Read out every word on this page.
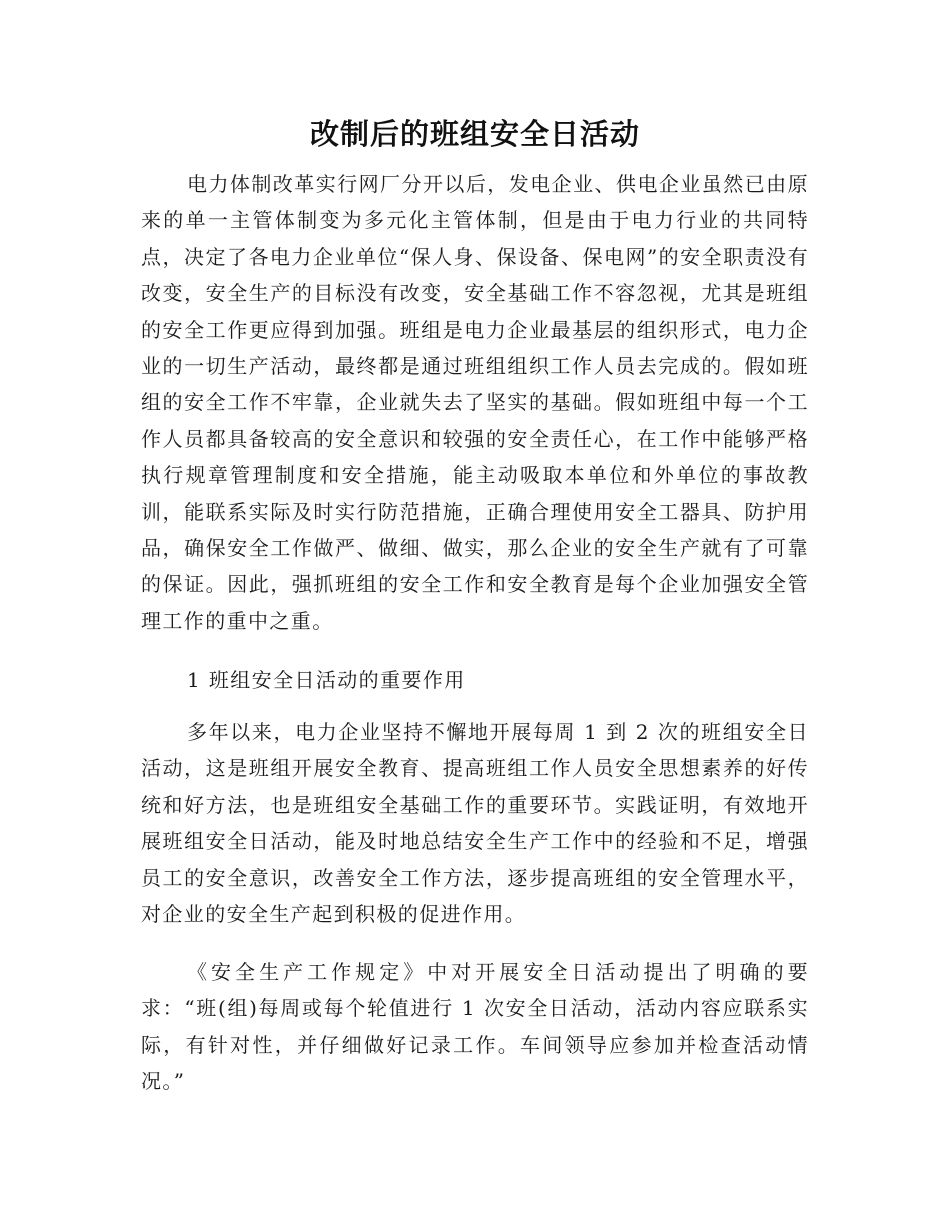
改制后的班组安全日活动

电力体制改革实行网厂分开以后，发电企业、供电企业虽然已由原来的单一主管体制变为多元化主管体制，但是由于电力行业的共同特点，决定了各电力企业单位“保人身、保设备、保电网”的安全职责没有改变，安全生产的目标没有改变，安全基础工作不容忽视，尤其是班组的安全工作更应得到加强。班组是电力企业最基层的组织形式，电力企业的一切生产活动，最终都是通过班组组织工作人员去完成的。假如班组的安全工作不牢靠，企业就失去了坚实的基础。假如班组中每一个工作人员都具备较高的安全意识和较强的安全责任心，在工作中能够严格执行规章管理制度和安全措施，能主动吸取本单位和外单位的事故教训，能联系实际及时实行防范措施，正确合理使用安全工器具、防护用品，确保安全工作做严、做细、做实，那么企业的安全生产就有了可靠的保证。因此，强抓班组的安全工作和安全教育是每个企业加强安全管理工作的重中之重。

1 班组安全日活动的重要作用

多年以来，电力企业坚持不懈地开展每周 1 到 2 次的班组安全日活动，这是班组开展安全教育、提高班组工作人员安全思想素养的好传统和好方法，也是班组安全基础工作的重要环节。实践证明，有效地开展班组安全日活动，能及时地总结安全生产工作中的经验和不足，增强员工的安全意识，改善安全工作方法，逐步提高班组的安全管理水平，对企业的安全生产起到积极的促进作用。

《安全生产工作规定》中对开展安全日活动提出了明确的要求：“班(组)每周或每个轮值进行 1 次安全日活动，活动内容应联系实际，有针对性，并仔细做好记录工作。车间领导应参加并检查活动情况。”
